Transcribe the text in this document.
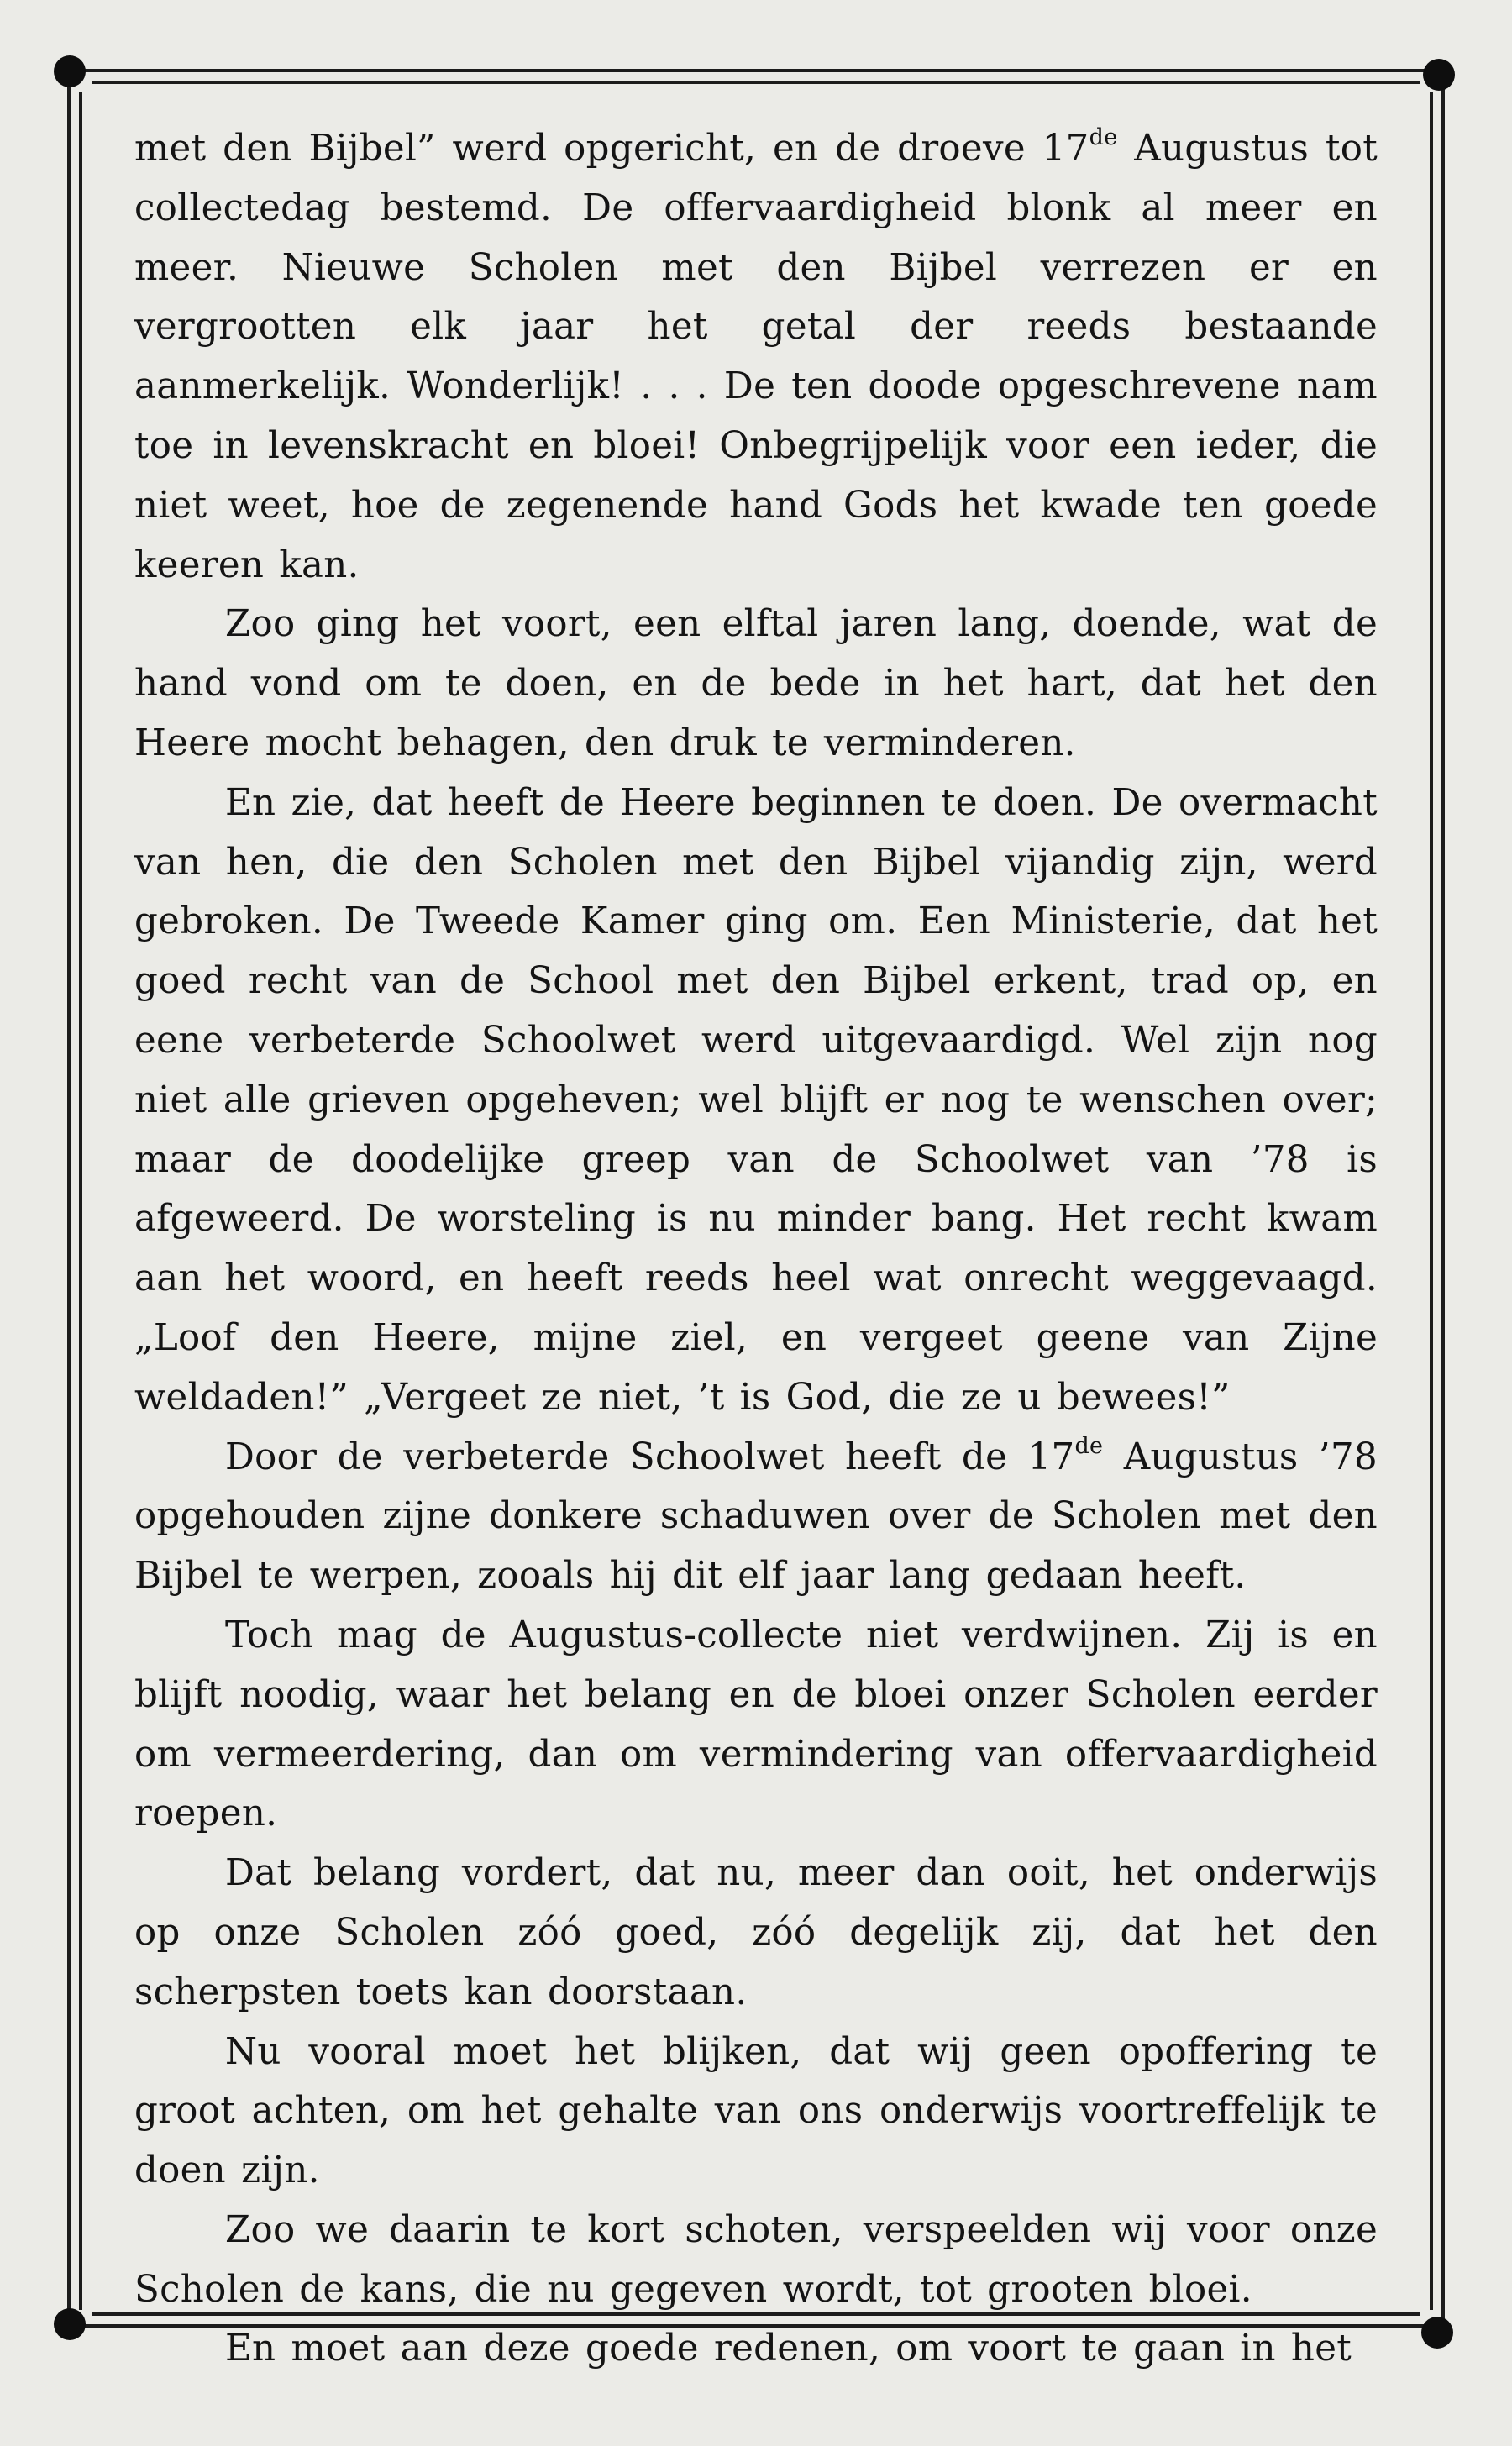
met den Bijbel” werd opgericht, en de droeve 17de Augustus tot collectedag bestemd. De offervaardigheid blonk al meer en meer. Nieuwe Scholen met den Bijbel verrezen er en vergrootten elk jaar het getal der reeds bestaande aanmerkelijk. Wonderlijk! . . . De ten doode opgeschrevene nam toe in levenskracht en bloei! Onbegrijpelijk voor een ieder, die niet weet, hoe de zegenende hand Gods het kwade ten goede keeren kan.

Zoo ging het voort, een elftal jaren lang, doende, wat de hand vond om te doen, en de bede in het hart, dat het den Heere mocht behagen, den druk te verminderen.

En zie, dat heeft de Heere beginnen te doen. De overmacht van hen, die den Scholen met den Bijbel vijandig zijn, werd gebroken. De Tweede Kamer ging om. Een Ministerie, dat het goed recht van de School met den Bijbel erkent, trad op, en eene verbeterde Schoolwet werd uitgevaardigd. Wel zijn nog niet alle grieven opgeheven; wel blijft er nog te wenschen over; maar de doodelijke greep van de Schoolwet van ’78 is afgeweerd. De worsteling is nu minder bang. Het recht kwam aan het woord, en heeft reeds heel wat onrecht weggevaagd. „Loof den Heere, mijne ziel, en vergeet geene van Zijne weldaden!” „Vergeet ze niet, ’t is God, die ze u bewees!”

Door de verbeterde Schoolwet heeft de 17de Augustus ’78 opgehouden zijne donkere schaduwen over de Scholen met den Bijbel te werpen, zooals hij dit elf jaar lang gedaan heeft.

Toch mag de Augustus-collecte niet verdwijnen. Zij is en blijft noodig, waar het belang en de bloei onzer Scholen eerder om vermeerdering, dan om vermindering van offervaardigheid roepen.

Dat belang vordert, dat nu, meer dan ooit, het onderwijs op onze Scholen zóó goed, zóó degelijk zij, dat het den scherpsten toets kan doorstaan.

Nu vooral moet het blijken, dat wij geen opoffering te groot achten, om het gehalte van ons onderwijs voortreffelijk te doen zijn.

Zoo we daarin te kort schoten, verspeelden wij voor onze Scholen de kans, die nu gegeven wordt, tot grooten bloei.

En moet aan deze goede redenen, om voort te gaan in het
